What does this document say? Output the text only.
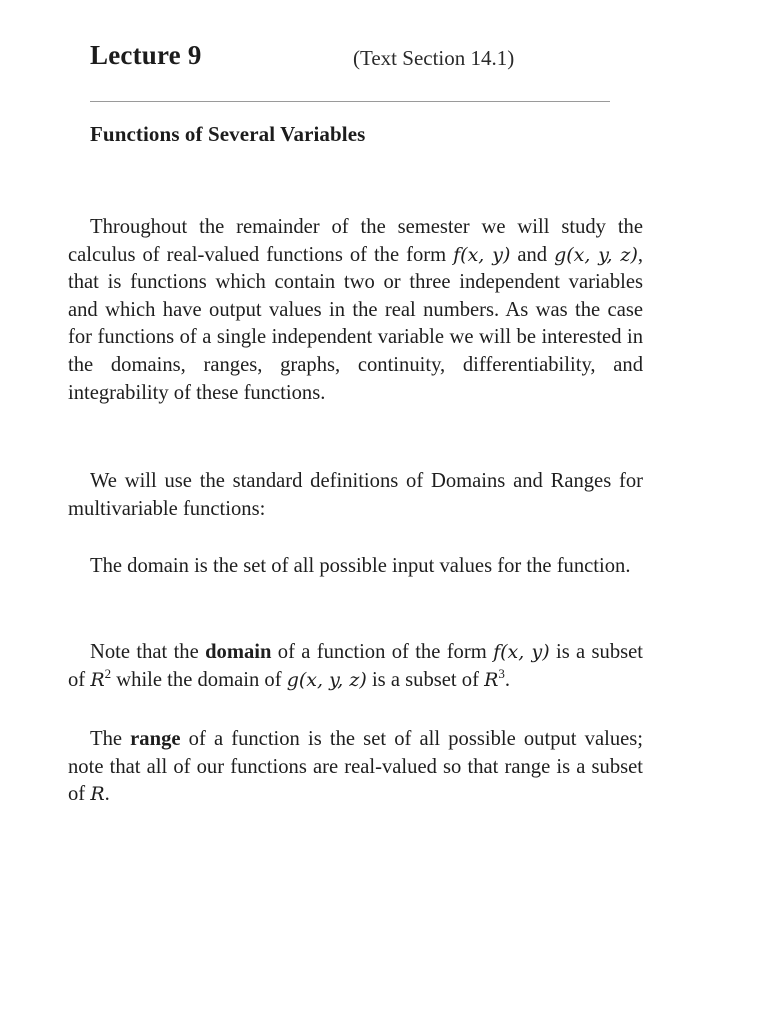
Lecture 9	(Text Section 14.1)
Functions of Several Variables

Throughout the remainder of the semester we will study the calculus of real-valued functions of the form f(x, y) and g(x, y, z), that is functions which contain two or three independent variables and which have output values in the real numbers. As was the case for functions of a single independent variable we will be interested in the domains, ranges, graphs, continuity, differentiability, and integrability of these functions.

We will use the standard definitions of Domains and Ranges for multivariable functions:

The domain is the set of all possible input values for the function.

Note that the domain of a function of the form f(x, y) is a subset of $R^2$ while the domain of g(x, y, z) is a subset of $R^3$.

The range of a function is the set of all possible output values; note that all of our functions are real-valued so that range is a subset of R.
